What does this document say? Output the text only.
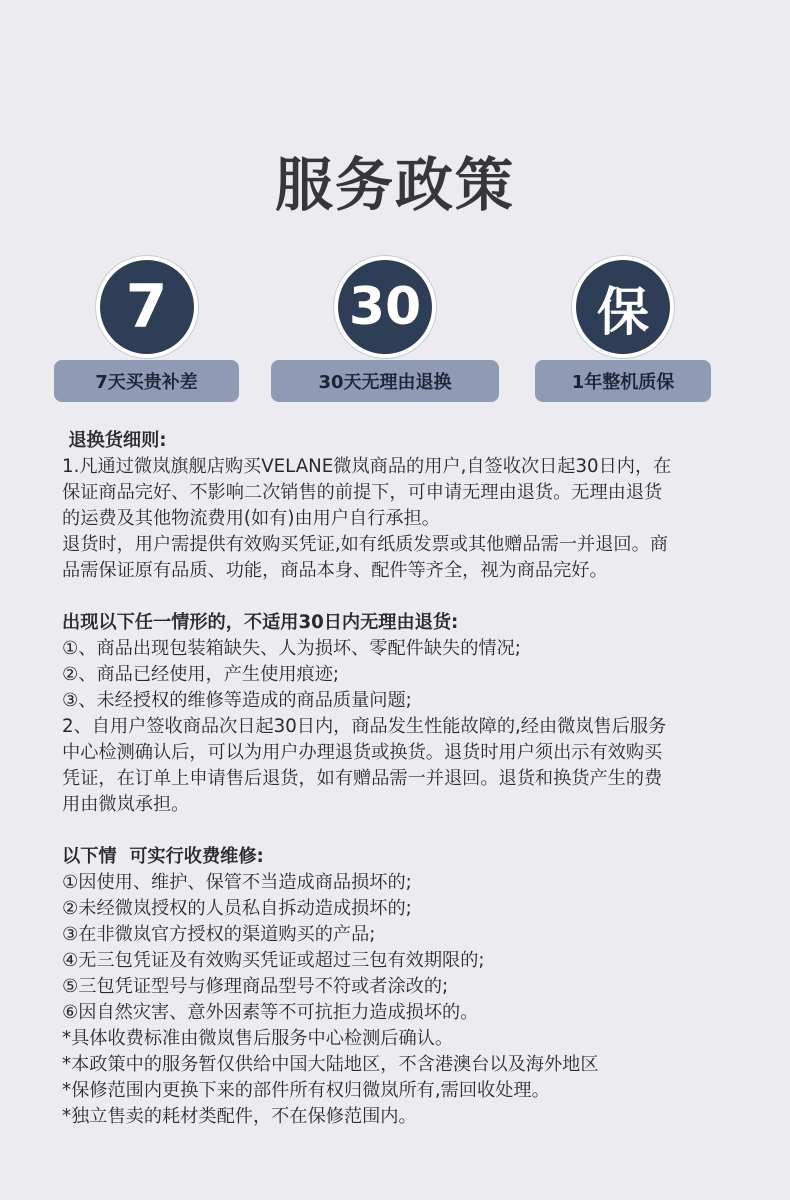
服务政策
7
7天买贵补差
30
30天无理由退换
保
1年整机质保

退换货细则:

1.凡通过微岚旗舰店购买VELANE微岚商品的用户,自签收次日起30日内，在

保证商品完好、不影响二次销售的前提下，可申请无理由退货。无理由退货

的运费及其他物流费用(如有)由用户自行承担。

退货时，用户需提供有效购买凭证,如有纸质发票或其他赠品需一并退回。商

品需保证原有品质、功能，商品本身、配件等齐全，视为商品完好。

出现以下任一情形的，不适用30日内无理由退货:

①、商品出现包装箱缺失、人为损坏、零配件缺失的情况;

②、商品已经使用，产生使用痕迹;

③、未经授权的维修等造成的商品质量问题;

2、自用户签收商品次日起30日内，商品发生性能故障的,经由微岚售后服务

中心检测确认后，可以为用户办理退货或换货。退货时用户须出示有效购买

凭证，在订单上申请售后退货，如有赠品需一并退回。退货和换货产生的费

用由微岚承担。

以下情  可实行收费维修:

①因使用、维护、保管不当造成商品损坏的;

②未经微岚授权的人员私自拆动造成损坏的;

③在非微岚官方授权的渠道购买的产品;

④无三包凭证及有效购买凭证或超过三包有效期限的;

⑤三包凭证型号与修理商品型号不符或者涂改的;

⑥因自然灾害、意外因素等不可抗拒力造成损坏的。

*具体收费标准由微岚售后服务中心检测后确认。

*本政策中的服务暂仅供给中国大陆地区，不含港澳台以及海外地区

*保修范围内更换下来的部件所有权归微岚所有,需回收处理。

*独立售卖的耗材类配件，不在保修范围内。
